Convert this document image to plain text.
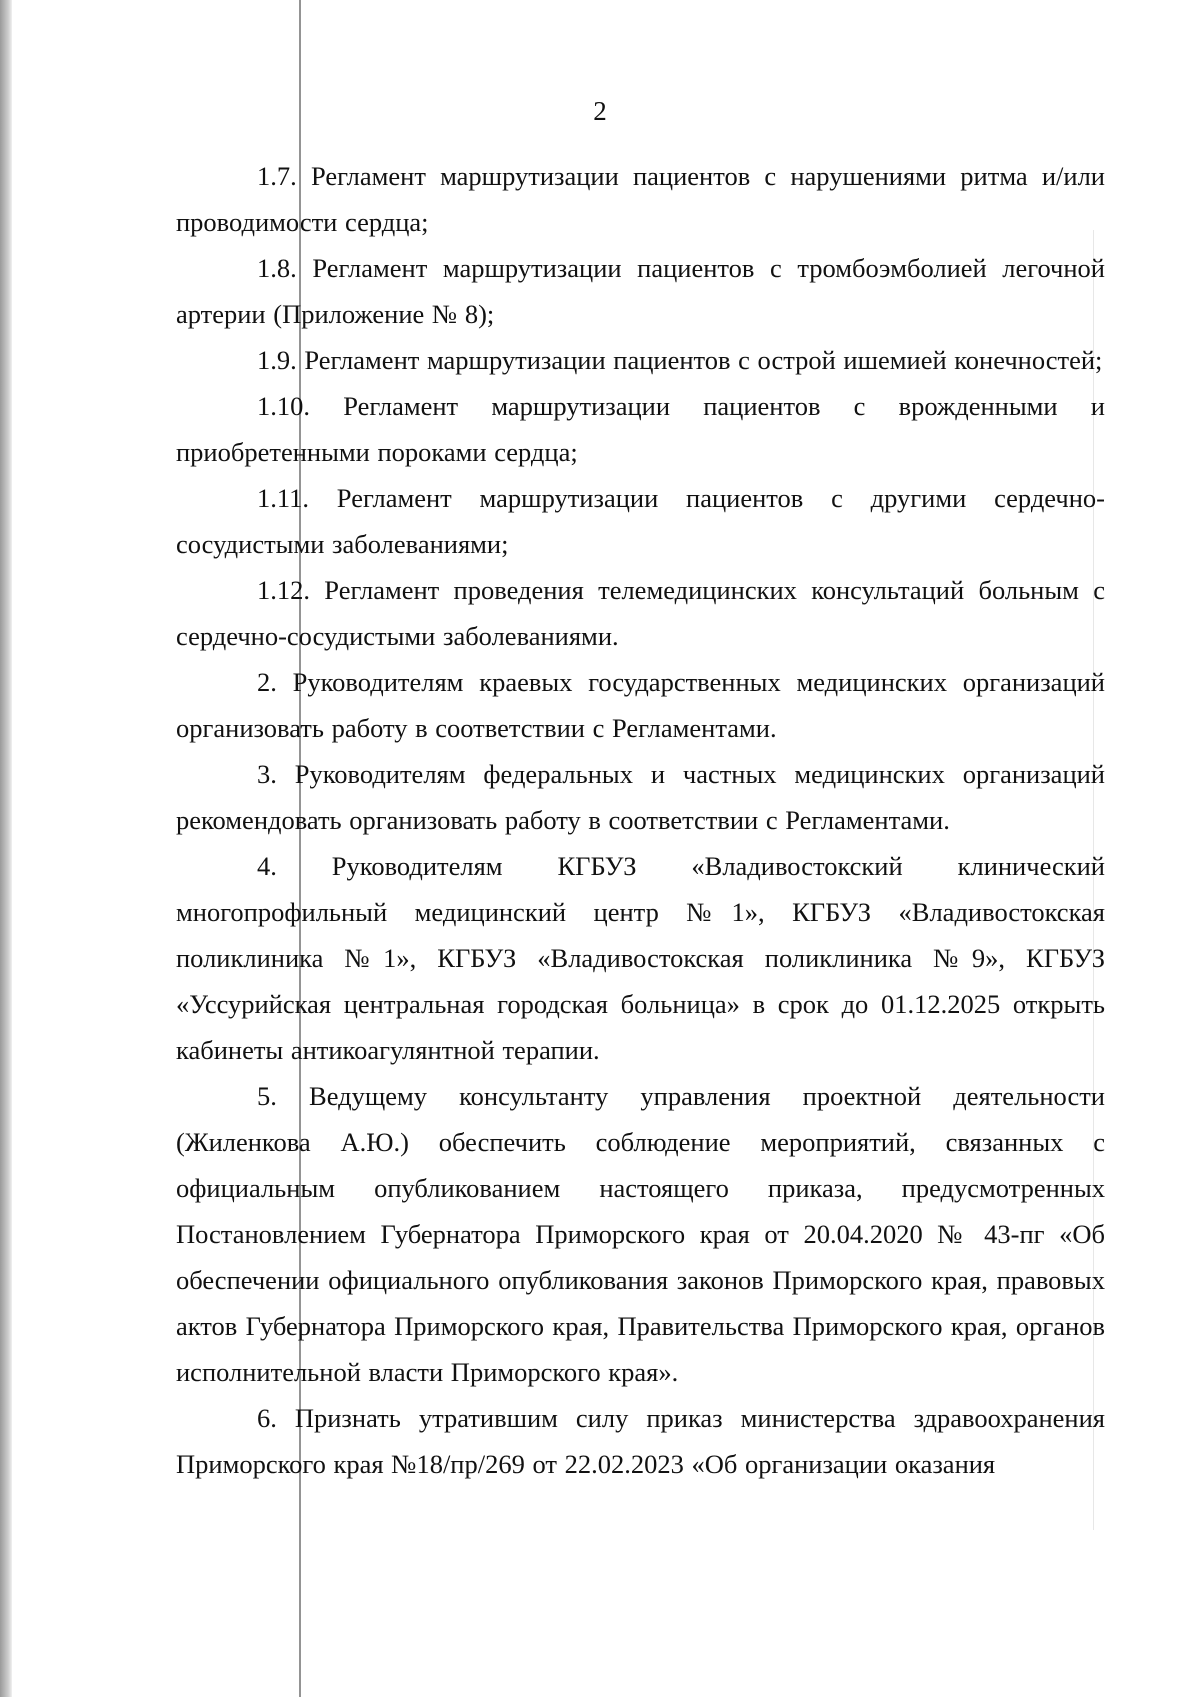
2

1.7. Регламент маршрутизации пациентов с нарушениями ритма и/или проводимости сердца;

1.8. Регламент маршрутизации пациентов с тромбоэмболией легочной артерии (Приложение № 8);

1.9. Регламент маршрутизации пациентов с острой ишемией конечностей;

1.10. Регламент маршрутизации пациентов с врожденными и приобретенными пороками сердца;

1.11. Регламент маршрутизации пациентов с другими сердечно-сосудистыми заболеваниями;

1.12. Регламент проведения телемедицинских консультаций больным с сердечно-сосудистыми заболеваниями.

2. Руководителям краевых государственных медицинских организаций организовать работу в соответствии с Регламентами.

3. Руководителям федеральных и частных медицинских организаций рекомендовать организовать работу в соответствии с Регламентами.

4. Руководителям КГБУЗ «Владивостокский клинический многопрофильный медицинский центр №1», КГБУЗ «Владивостокская поликлиника №1», КГБУЗ «Владивостокская поликлиника №9», КГБУЗ «Уссурийская центральная городская больница» в срок до 01.12.2025 открыть кабинеты антикоагулянтной терапии.

5. Ведущему консультанту управления проектной деятельности (Жиленкова А.Ю.) обеспечить соблюдение мероприятий, связанных с официальным опубликованием настоящего приказа, предусмотренных Постановлением Губернатора Приморского края от 20.04.2020 № 43-пг «Об обеспечении официального опубликования законов Приморского края, правовых актов Губернатора Приморского края, Правительства Приморского края, органов исполнительной власти Приморского края».

6. Признать утратившим силу приказ министерства здравоохранения Приморского края №18/пр/269 от 22.02.2023 «Об организации оказания
